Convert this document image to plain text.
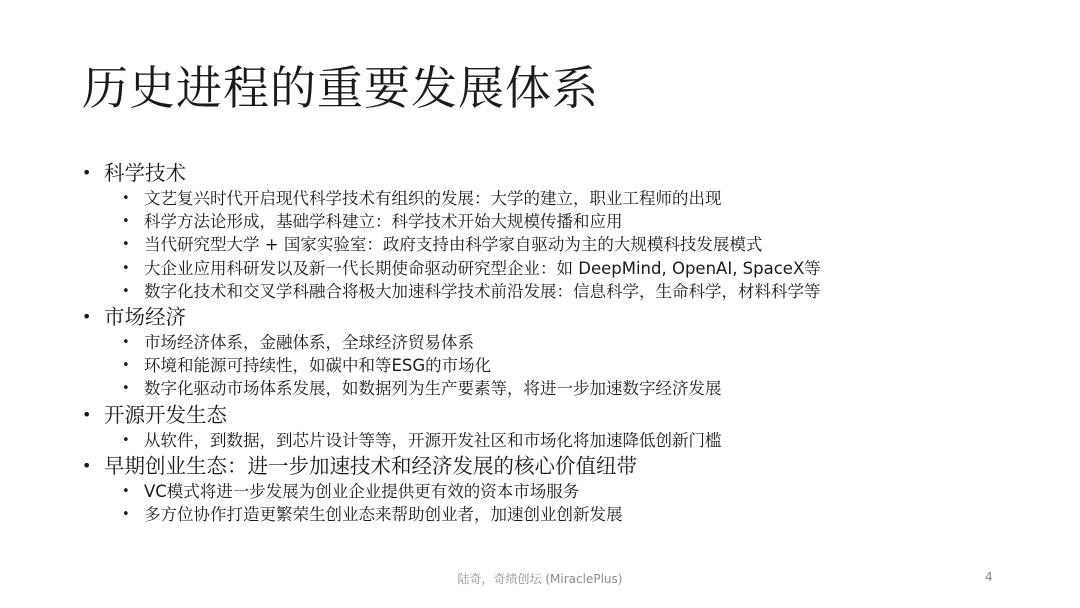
历史进程的重要发展体系
• 科学技术
• 文艺复兴时代开启现代科学技术有组织的发展：大学的建立，职业工程师的出现
• 科学方法论形成，基础学科建立：科学技术开始大规模传播和应用
• 当代研究型大学 + 国家实验室：政府支持由科学家自驱动为主的大规模科技发展模式
• 大企业应用科研发以及新一代长期使命驱动研究型企业：如 DeepMind, OpenAI, SpaceX等
• 数字化技术和交叉学科融合将极大加速科学技术前沿发展：信息科学，生命科学，材料科学等
• 市场经济
• 市场经济体系，金融体系，全球经济贸易体系
• 环境和能源可持续性，如碳中和等ESG的市场化
• 数字化驱动市场体系发展，如数据列为生产要素等，将进一步加速数字经济发展
• 开源开发生态
• 从软件，到数据，到芯片设计等等，开源开发社区和市场化将加速降低创新门槛
• 早期创业生态：进一步加速技术和经济发展的核心价值纽带
• VC模式将进一步发展为创业企业提供更有效的资本市场服务
• 多方位协作打造更繁荣生创业态来帮助创业者，加速创业创新发展
陆奇，奇绩创坛 (MiraclePlus)	4
